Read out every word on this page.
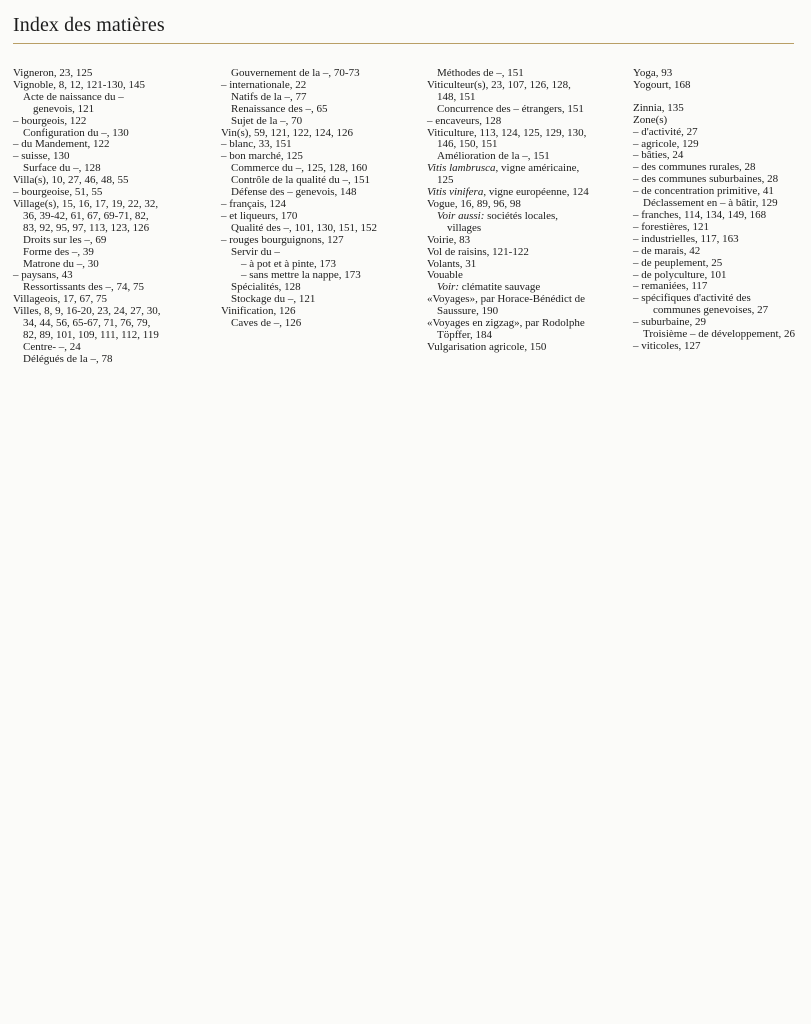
Index des matières

Vigneron, 23, 125

Vignoble, 8, 12, 121-130, 145

Acte de naissance du – genevois, 121

– bourgeois, 122

Configuration du –, 130

– du Mandement, 122

– suisse, 130

Surface du –, 128

Villa(s), 10, 27, 46, 48, 55

– bourgeoise, 51, 55

Village(s), 15, 16, 17, 19, 22, 32, 36, 39-42, 61, 67, 69-71, 82, 83, 92, 95, 97, 113, 123, 126

Droits sur les –, 69

Forme des –, 39

Matrone du –, 30

– paysans, 43

Ressortissants des –, 74, 75

Villageois, 17, 67, 75

Villes, 8, 9, 16-20, 23, 24, 27, 30, 34, 44, 56, 65-67, 71, 76, 79, 82, 89, 101, 109, 111, 112, 119

Centre- –, 24

Délégués de la –, 78

Gouvernement de la –, 70-73

– internationale, 22

Natifs de la –, 77

Renaissance des –, 65

Sujet de la –, 70

Vin(s), 59, 121, 122, 124, 126

– blanc, 33, 151

– bon marché, 125

Commerce du –, 125, 128, 160

Contrôle de la qualité du –, 151

Défense des – genevois, 148

– français, 124

– et liqueurs, 170

Qualité des –, 101, 130, 151, 152

– rouges bourguignons, 127

Servir du –

– à pot et à pinte, 173

– sans mettre la nappe, 173

Spécialités, 128

Stockage du –, 121

Vinification, 126

Caves de –, 126

Méthodes de –, 151

Viticulteur(s), 23, 107, 126, 128, 148, 151

Concurrence des – étrangers, 151

– encaveurs, 128

Viticulture, 113, 124, 125, 129, 130, 146, 150, 151

Amélioration de la –, 151

Vitis lambrusca, vigne américaine, 125

Vitis vinifera, vigne européenne, 124

Vogue, 16, 89, 96, 98

Voir aussi: sociétés locales, villages

Voirie, 83

Vol de raisins, 121-122

Volants, 31

Vouable

Voir: clématite sauvage

«Voyages», par Horace-Bénédict de Saussure, 190

«Voyages en zigzag», par Rodolphe Töpffer, 184

Vulgarisation agricole, 150

Yoga, 93

Yogourt, 168

Zinnia, 135

Zone(s)

– d'activité, 27

– agricole, 129

– bâties, 24

– des communes rurales, 28

– des communes suburbaines, 28

– de concentration primitive, 41

Déclassement en – à bâtir, 129

– franches, 114, 134, 149, 168

– forestières, 121

– industrielles, 117, 163

– de marais, 42

– de peuplement, 25

– de polyculture, 101

– remaniées, 117

– spécifiques d'activité des communes genevoises, 27

– suburbaine, 29

Troisième – de développement, 26

– viticoles, 127
